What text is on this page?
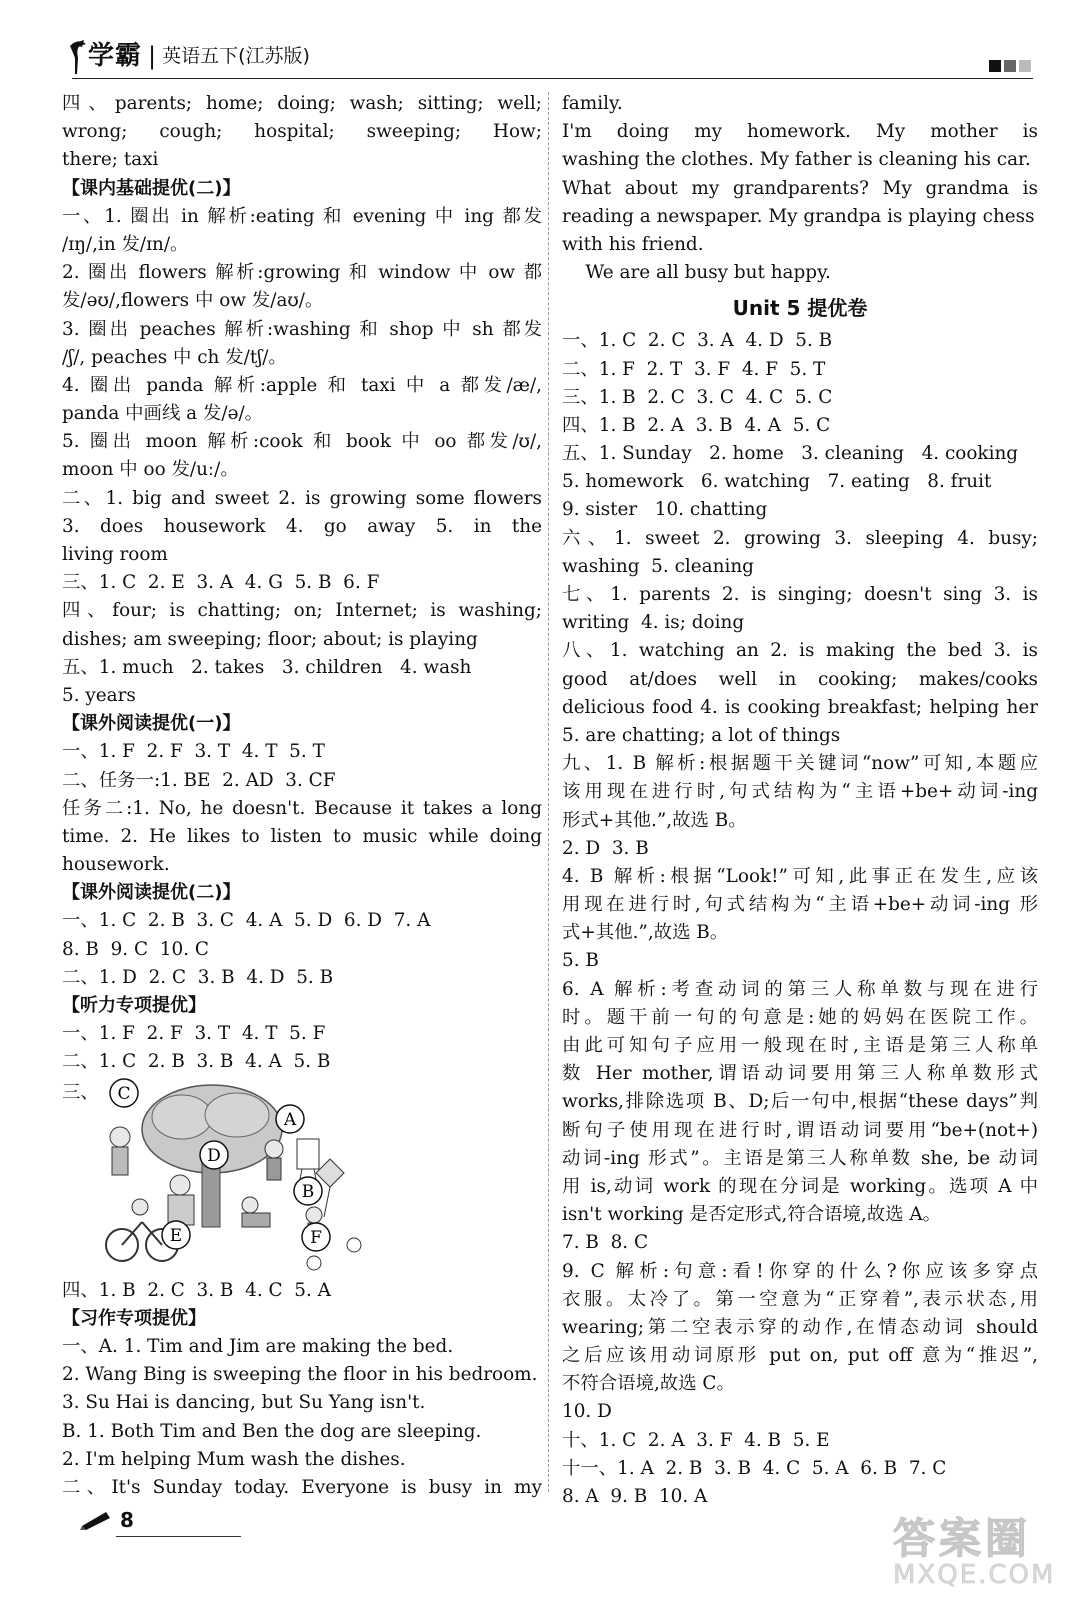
学霸 | 英语五下(江苏版)
四、parents; home; doing; wash; sitting; well;
wrong; cough; hospital; sweeping; How;
there; taxi
【课内基础提优(二)】
一、1. 圈出 in 解析:eating 和 evening 中 ing 都发
/ɪŋ/,in 发/ɪn/。
2. 圈出 flowers 解析:growing 和 window 中 ow 都
发/əʊ/,flowers 中 ow 发/aʊ/。
3. 圈出 peaches 解析:washing 和 shop 中 sh 都发
/ʃ/, peaches 中 ch 发/tʃ/。
4. 圈出 panda 解析:apple 和 taxi 中 a 都发/æ/,
panda 中画线 a 发/ə/。
5. 圈出 moon 解析:cook 和 book 中 oo 都发/ʊ/,
moon 中 oo 发/uː/。
二、1. big and sweet 2. is growing some flowers
3. does housework 4. go away 5. in the
living room
三、1. C  2. E  3. A  4. G  5. B  6. F
四、four; is chatting; on; Internet; is washing;
dishes; am sweeping; floor; about; is playing
五、1. much   2. takes   3. children   4. wash
5. years
【课外阅读提优(一)】
一、1. F  2. F  3. T  4. T  5. T
二、任务一:1. BE  2. AD  3. CF
任务二:1. No, he doesn't. Because it takes a long
time. 2. He likes to listen to music while doing
housework.
【课外阅读提优(二)】
一、1. C  2. B  3. C  4. A  5. D  6. D  7. A
8. B  9. C  10. C
二、1. D  2. C  3. B  4. D  5. B
【听力专项提优】
一、1. F  2. F  3. T  4. T  5. F
二、1. C  2. B  3. B  4. A  5. B
三、 C
A
D
B
E	F
四、1. B  2. C  3. B  4. C  5. A
【习作专项提优】
一、A. 1. Tim and Jim are making the bed.
2. Wang Bing is sweeping the floor in his bedroom.
3. Su Hai is dancing, but Su Yang isn't.
B. 1. Both Tim and Ben the dog are sleeping.
2. I'm helping Mum wash the dishes.
二、It's Sunday today. Everyone is busy in my
family.
I'm doing my homework. My mother is
washing the clothes. My father is cleaning his car.
What about my grandparents? My grandma is
reading a newspaper. My grandpa is playing chess
with his friend.
We are all busy but happy.
Unit 5 提优卷
一、1. C  2. C  3. A  4. D  5. B
二、1. F  2. T  3. F  4. F  5. T
三、1. B  2. C  3. C  4. C  5. C
四、1. B  2. A  3. B  4. A  5. C
五、1. Sunday   2. home   3. cleaning   4. cooking
5. homework   6. watching   7. eating   8. fruit
9. sister   10. chatting
六、1. sweet 2. growing 3. sleeping 4. busy;
washing  5. cleaning
七、1. parents 2. is singing; doesn't sing 3. is
writing  4. is; doing
八、1. watching an 2. is making the bed 3. is
good at/does well in cooking; makes/cooks
delicious food 4. is cooking breakfast; helping her
5. are chatting; a lot of things
九、1. B 解析:根据题干关键词“now”可知,本题应
该用现在进行时,句式结构为“主语+be+动词-ing
形式+其他.”,故选 B。
2. D  3. B
4. B 解析:根据“Look!”可知,此事正在发生,应该
用现在进行时,句式结构为“主语+be+动词-ing 形
式+其他.”,故选 B。
5. B
6. A 解析:考查动词的第三人称单数与现在进行
时。题干前一句的句意是:她的妈妈在医院工作。
由此可知句子应用一般现在时,主语是第三人称单
数 Her mother,谓语动词要用第三人称单数形式
works,排除选项 B、D;后一句中,根据“these days”判
断句子使用现在进行时,谓语动词要用“be+(not+)
动词-ing 形式”。主语是第三人称单数 she, be 动词
用 is,动词 work 的现在分词是 working。选项 A 中
isn't working 是否定形式,符合语境,故选 A。
7. B  8. C
9. C 解析:句意:看!你穿的什么?你应该多穿点
衣服。太冷了。第一空意为“正穿着”,表示状态,用
wearing;第二空表示穿的动作,在情态动词 should
之后应该用动词原形 put on, put off 意为“推迟”,
不符合语境,故选 C。
10. D
十、1. C  2. A  3. F  4. B  5. E
十一、1. A  2. B  3. B  4. C  5. A  6. B  7. C
8. A  9. B  10. A
8	答案圈
MXQE.COM
